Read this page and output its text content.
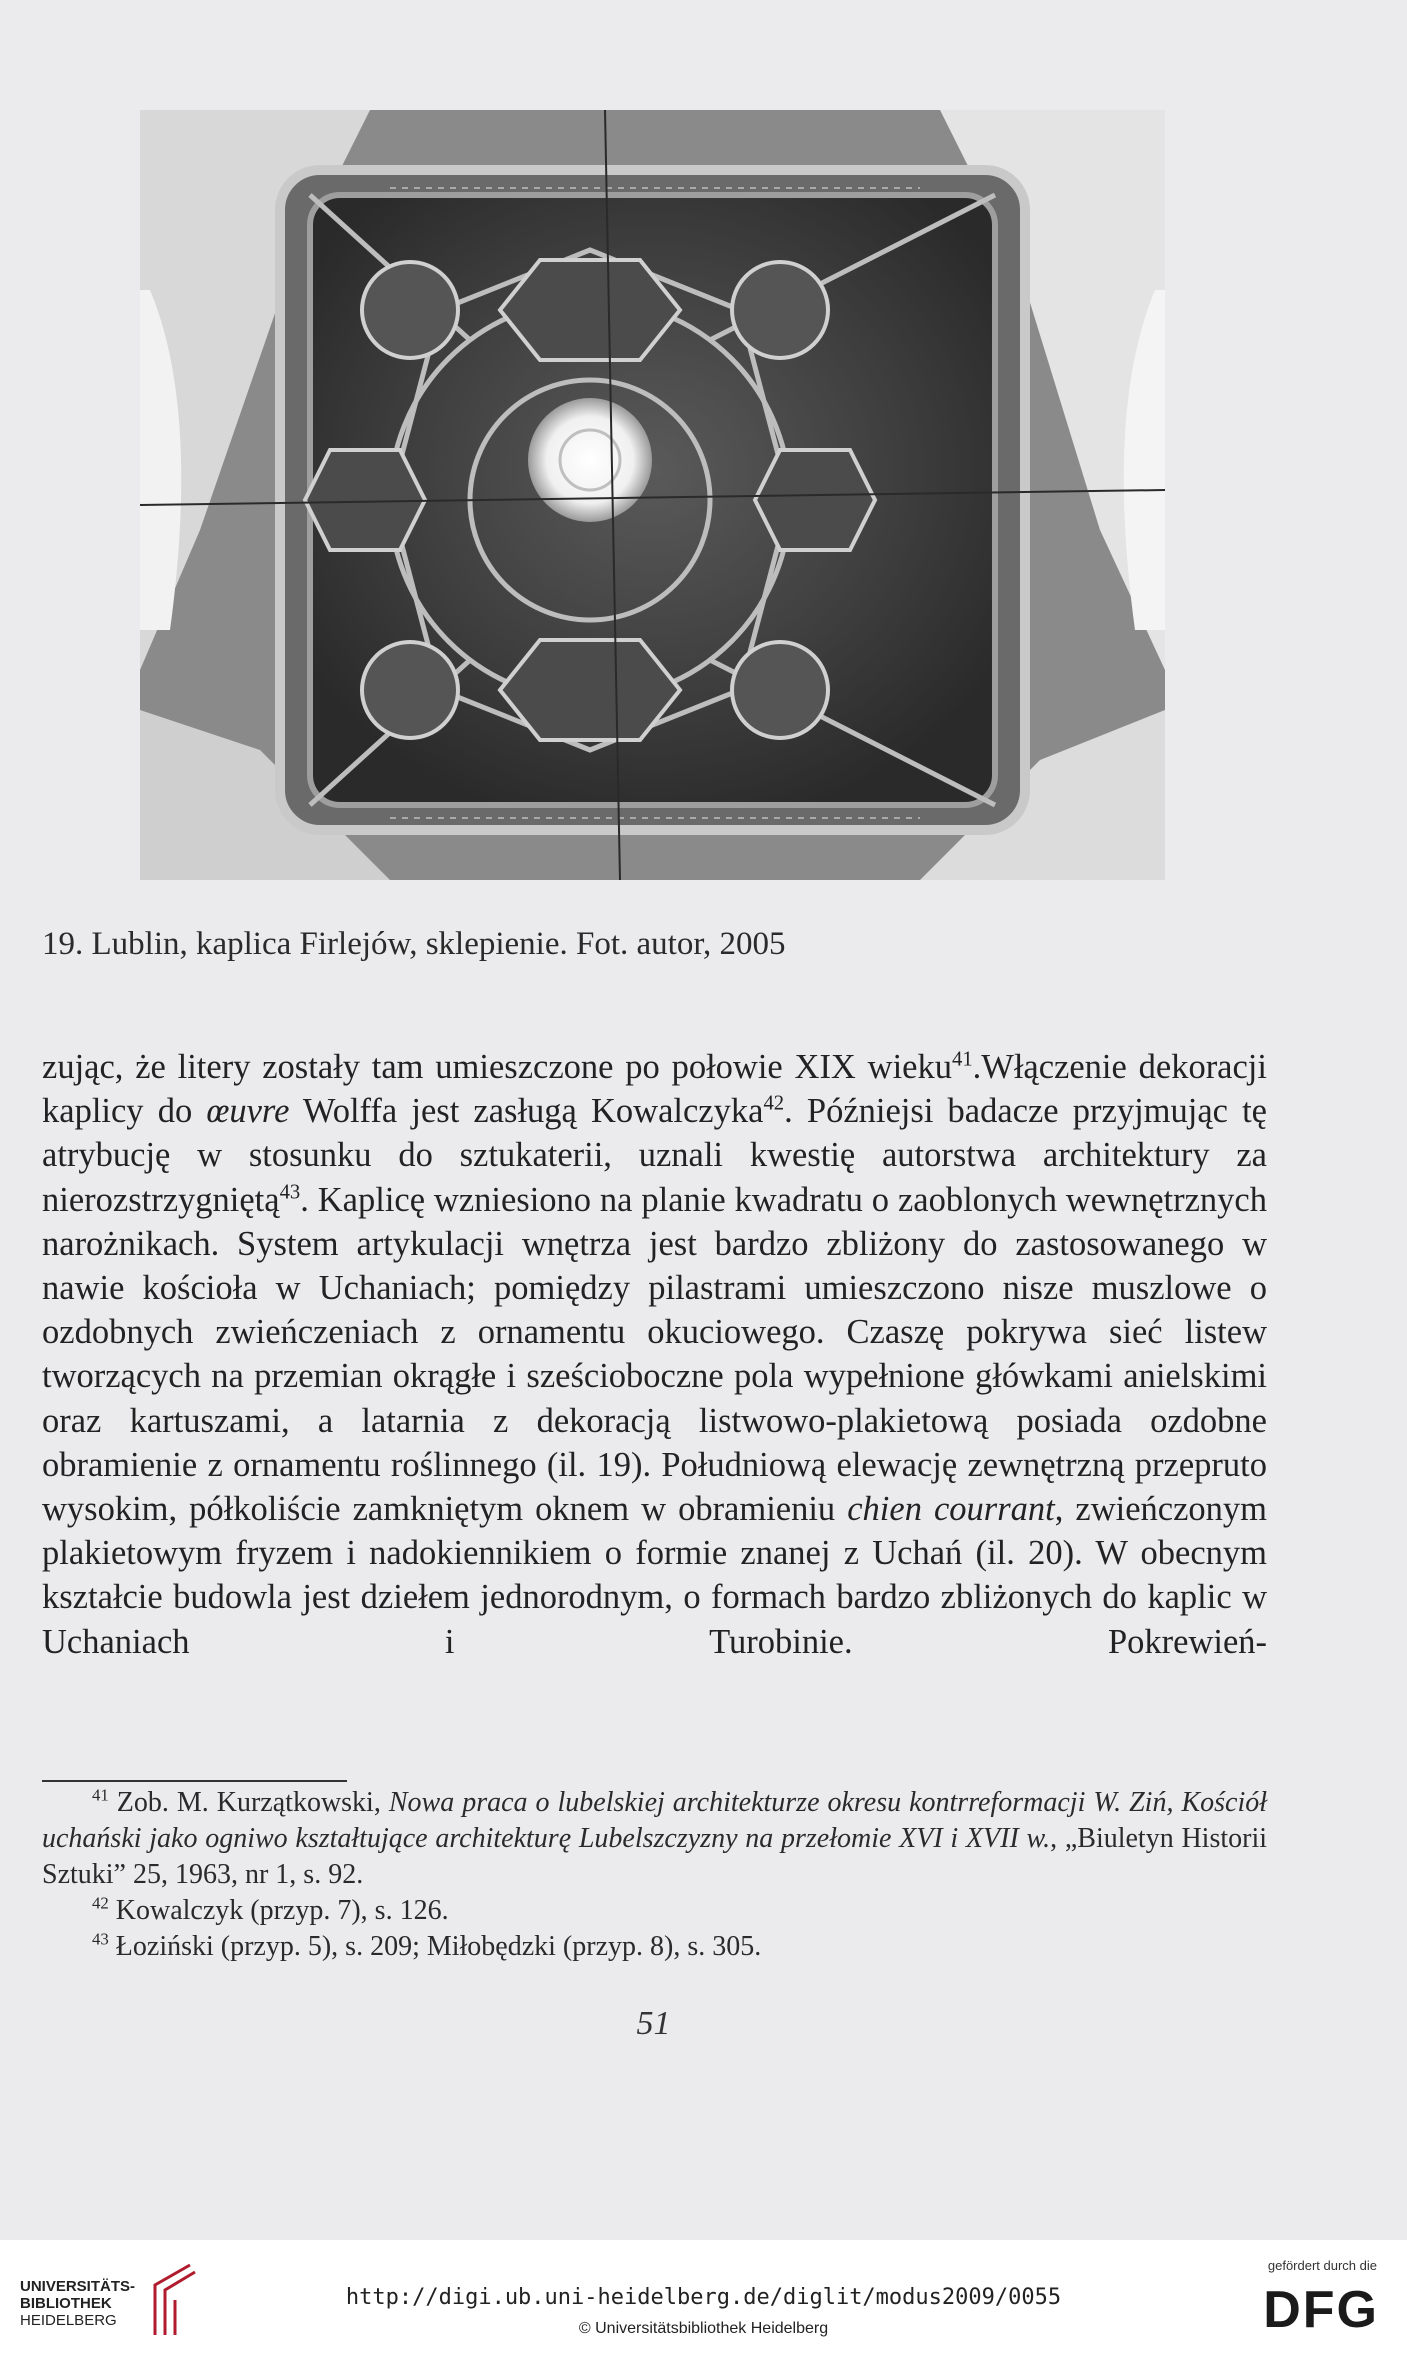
19. Lublin, kaplica Firlejów, sklepienie. Fot. autor, 2005

zując, że litery zostały tam umieszczone po połowie XIX wieku$^{41}$.Włączenie dekoracji kaplicy do œuvre Wolffa jest zasługą Kowalczyka$^{42}$. Późniejsi badacze przyjmując tę atrybucję w stosunku do sztukaterii, uznali kwestię autorstwa architektury za nierozstrzygniętą$^{43}$. Kaplicę wzniesiono na planie kwadratu o zaoblonych wewnętrznych narożnikach. System artykulacji wnętrza jest bardzo zbliżony do zastosowanego w nawie kościoła w Uchaniach; pomiędzy pilastrami umieszczono nisze muszlowe o ozdobnych zwieńczeniach z ornamentu okuciowego. Czaszę pokrywa sieć listew tworzących na przemian okrągłe i sześcioboczne pola wypełnione główkami anielskimi oraz kartuszami, a latarnia z dekoracją listwowo-plakietową posiada ozdobne obramienie z ornamentu roślinnego (il. 19). Południową elewację zewnętrzną przepruto wysokim, półkoliście zamkniętym oknem w obramieniu chien courrant, zwieńczonym plakietowym fryzem i nadokiennikiem o formie znanej z Uchań (il. 20). W obecnym kształcie budowla jest dziełem jednorodnym, o formach bardzo zbliżonych do kaplic w Uchaniach i Turobinie. Pokrewień-

$^{41}$ Zob. M. Kurzątkowski, Nowa praca o lubelskiej architekturze okresu kontrreformacji W. Ziń, Kościół uchański jako ogniwo kształtujące architekturę Lubelszczyzny na przełomie XVI i XVII w., „Biuletyn Historii Sztuki” 25, 1963, nr 1, s. 92.

$^{42}$ Kowalczyk (przyp. 7), s. 126.

$^{43}$ Łoziński (przyp. 5), s. 209; Miłobędzki (przyp. 8), s. 305.

51
UNIVERSITÄTS-
BIBLIOTHEK
HEIDELBERG
http://digi.ub.uni-heidelberg.de/diglit/modus2009/0055
© Universitätsbibliothek Heidelberg
gefördert durch die
DFG
